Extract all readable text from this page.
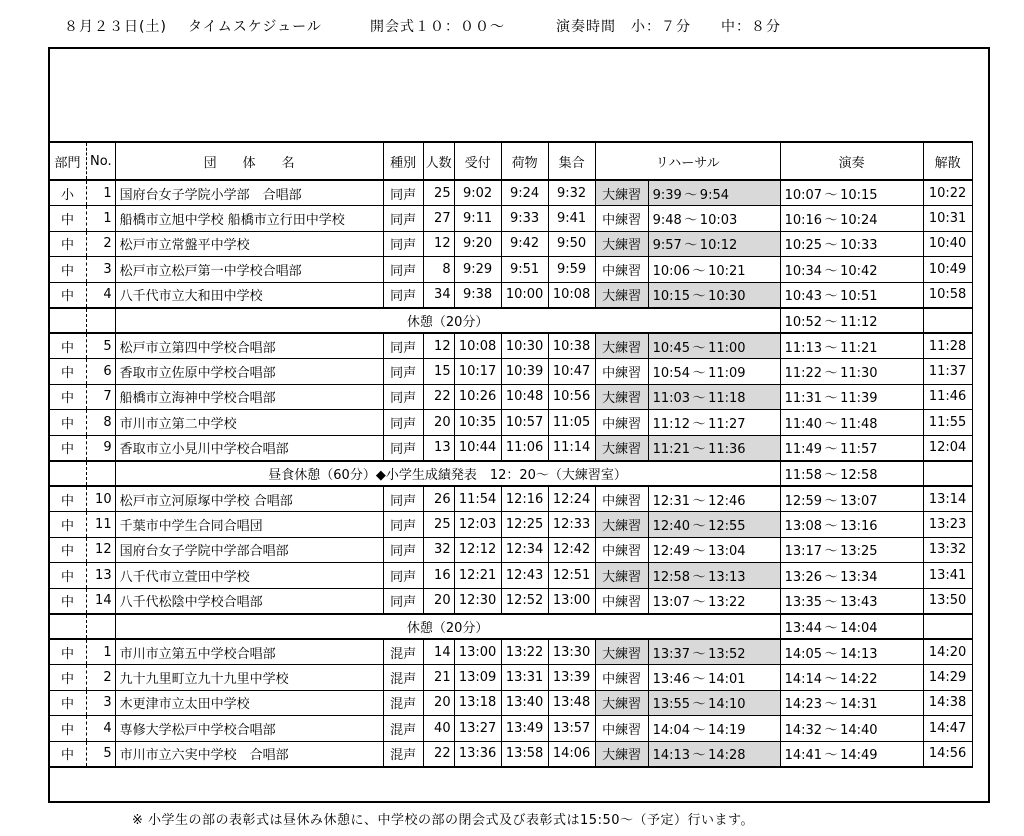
８月２３日(土) タイムスケジュール	開会式１０：００～	演奏時間　小：７分　　中：８分
部門	No.	団　　体　　名	種別	人数	受付	荷物	集合	リハーサル		演奏	解散
小	1	国府台女子学院小学部　合唱部	同声	25	9:02	9:24	9:32	大練習	9:39 ～ 9:54	10:07 ～ 10:15	10:22
中	1	船橋市立旭中学校 船橋市立行田中学校	同声	27	9:11	9:33	9:41	中練習	9:48 ～ 10:03	10:16 ～ 10:24	10:31
中	2	松戸市立常盤平中学校	同声	12	9:20	9:42	9:50	大練習	9:57 ～ 10:12	10:25 ～ 10:33	10:40
中	3	松戸市立松戸第一中学校合唱部	同声	8	9:29	9:51	9:59	中練習	10:06 ～ 10:21	10:34 ～ 10:42	10:49
中	4	八千代市立大和田中学校	同声	34	9:38	10:00	10:08	大練習	10:15 ～ 10:30	10:43 ～ 10:51	10:58
		休憩（20分）								10:52 ～ 11:12	
中	5	松戸市立第四中学校合唱部	同声	12	10:08	10:30	10:38	大練習	10:45 ～ 11:00	11:13 ～ 11:21	11:28
中	6	香取市立佐原中学校合唱部	同声	15	10:17	10:39	10:47	中練習	10:54 ～ 11:09	11:22 ～ 11:30	11:37
中	7	船橋市立海神中学校合唱部	同声	22	10:26	10:48	10:56	大練習	11:03 ～ 11:18	11:31 ～ 11:39	11:46
中	8	市川市立第二中学校	同声	20	10:35	10:57	11:05	中練習	11:12 ～ 11:27	11:40 ～ 11:48	11:55
中	9	香取市立小見川中学校合唱部	同声	13	10:44	11:06	11:14	大練習	11:21 ～ 11:36	11:49 ～ 11:57	12:04
		昼食休憩（60分）◆小学生成績発表　12：20～（大練習室）								11:58 ～ 12:58	
中	10	松戸市立河原塚中学校 合唱部	同声	26	11:54	12:16	12:24	中練習	12:31 ～ 12:46	12:59 ～ 13:07	13:14
中	11	千葉市中学生合同合唱団	同声	25	12:03	12:25	12:33	大練習	12:40 ～ 12:55	13:08 ～ 13:16	13:23
中	12	国府台女子学院中学部合唱部	同声	32	12:12	12:34	12:42	中練習	12:49 ～ 13:04	13:17 ～ 13:25	13:32
中	13	八千代市立萱田中学校	同声	16	12:21	12:43	12:51	大練習	12:58 ～ 13:13	13:26 ～ 13:34	13:41
中	14	八千代松陰中学校合唱部	同声	20	12:30	12:52	13:00	中練習	13:07 ～ 13:22	13:35 ～ 13:43	13:50
		休憩（20分）								13:44 ～ 14:04	
中	1	市川市立第五中学校合唱部	混声	14	13:00	13:22	13:30	大練習	13:37 ～ 13:52	14:05 ～ 14:13	14:20
中	2	九十九里町立九十九里中学校	混声	21	13:09	13:31	13:39	中練習	13:46 ～ 14:01	14:14 ～ 14:22	14:29
中	3	木更津市立太田中学校	混声	20	13:18	13:40	13:48	大練習	13:55 ～ 14:10	14:23 ～ 14:31	14:38
中	4	専修大学松戸中学校合唱部	混声	40	13:27	13:49	13:57	中練習	14:04 ～ 14:19	14:32 ～ 14:40	14:47
中	5	市川市立六実中学校　合唱部	混声	22	13:36	13:58	14:06	大練習	14:13 ～ 14:28	14:41 ～ 14:49	14:56
※ 小学生の部の表彰式は昼休み休憩に、中学校の部の閉会式及び表彰式は15:50～（予定）行います。
